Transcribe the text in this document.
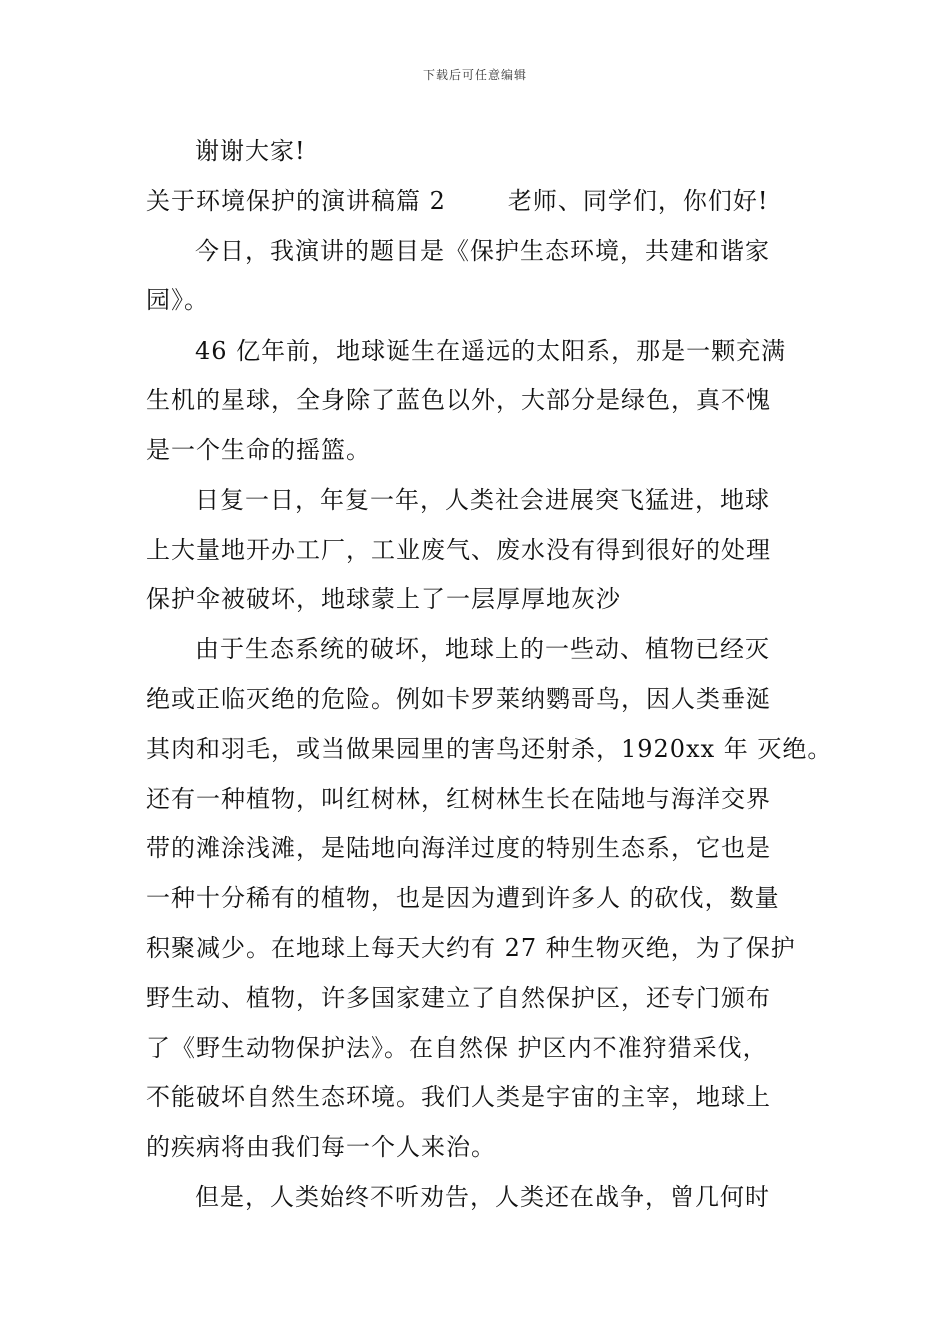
下载后可任意编辑
谢谢大家!
关于环境保护的演讲稿篇 2	老师、同学们，你们好!
今日，我演讲的题目是《保护生态环境，共建和谐家
园》。
46 亿年前，地球诞生在遥远的太阳系，那是一颗充满
生机的星球，全身除了蓝色以外，大部分是绿色，真不愧
是一个生命的摇篮。
日复一日，年复一年，人类社会进展突飞猛进，地球
上大量地开办工厂，工业废气、废水没有得到很好的处理
保护伞被破坏，地球蒙上了一层厚厚地灰沙
由于生态系统的破坏，地球上的一些动、植物已经灭
绝或正临灭绝的危险。例如卡罗莱纳鹦哥鸟，因人类垂涎
其肉和羽毛，或当做果园里的害鸟还射杀，1920xx 年 灭绝。
还有一种植物，叫红树林，红树林生长在陆地与海洋交界
带的滩涂浅滩，是陆地向海洋过度的特别生态系，它也是
一种十分稀有的植物，也是因为遭到许多人 的砍伐，数量
积聚减少。在地球上每天大约有 27 种生物灭绝，为了保护
野生动、植物，许多国家建立了自然保护区，还专门颁布
了《野生动物保护法》。在自然保 护区内不准狩猎采伐，
不能破坏自然生态环境。我们人类是宇宙的主宰，地球上
的疾病将由我们每一个人来治。
但是，人类始终不听劝告，人类还在战争，曾几何时
